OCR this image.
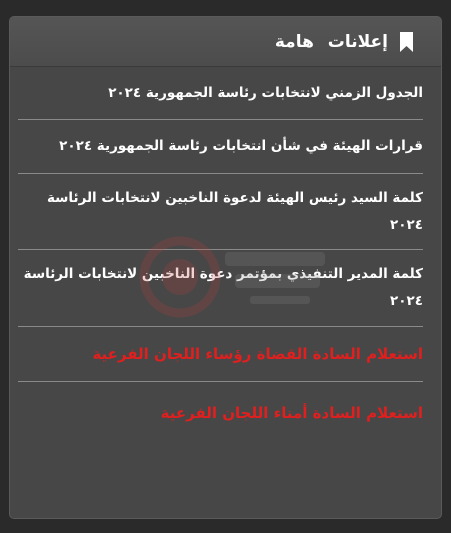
إعلانات هامة
الجدول الزمني لانتخابات رئاسة الجمهورية ٢٠٢٤
قرارات الهيئة في شأن انتخابات رئاسة الجمهورية ٢٠٢٤
كلمة السيد رئيس الهيئة لدعوة الناخبين لانتخابات الرئاسة ٢٠٢٤
كلمة المدير التنفيذي بمؤتمر دعوة الناخبين لانتخابات الرئاسة ٢٠٢٤
استعلام السادة القضاة رؤساء اللجان الفرعية
استعلام السادة أمناء اللجان الفرعية
